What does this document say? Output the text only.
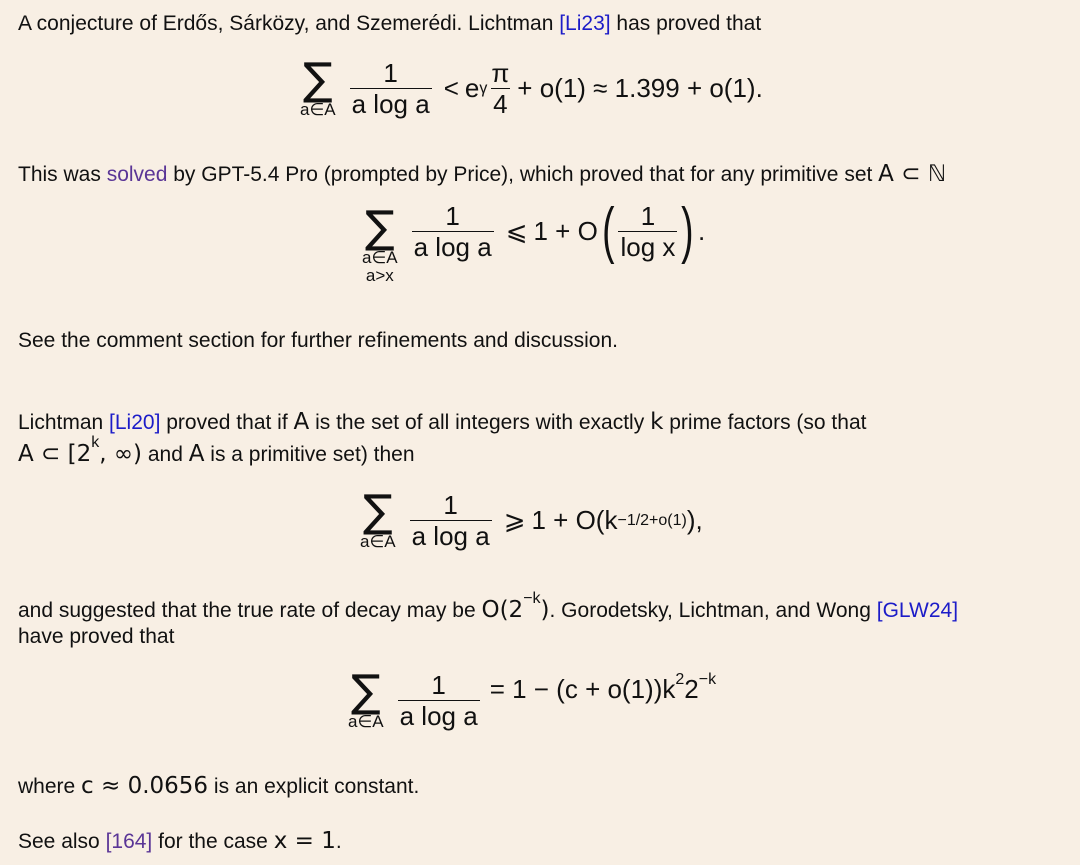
A conjecture of Erdős, Sárközy, and Szemerédi. Lichtman [Li23] has proved that
∑
a∈A $\frac{1}{\text{a log a}} < e$ γ $\frac{\pi}{4} + o(1) \approx 1.399 + o(1)$.
This was solved by GPT-5.4 Pro (prompted by Price), which proved that for any primitive set A ⊂ ℕ
∑
a∈A
a>x
$\frac{1}{\text{a log a}}$ ⩽ 1 + O ( $\frac{1}{\text{log x}}$ ) .
See the comment section for further refinements and discussion.
Lichtman [Li20] proved that if A is the set of all integers with exactly k prime factors (so that
A ⊂ [2$^k$, ∞) and A is a primitive set) then
∑
a∈A $\frac{1}{\text{a log a}}$ ⩾ 1 + O(k −1/2+o(1) ),
and suggested that the true rate of decay may be $O(2^{-k})$. Gorodetsky, Lichtman, and Wong [GLW24]
have proved that
∑
a∈A $\frac{1}{\text{a log a}} = 1 - (c + o(1))k^22^{-k}$
where c ≈ 0.0656 is an explicit constant.
See also [164] for the case x = 1.
